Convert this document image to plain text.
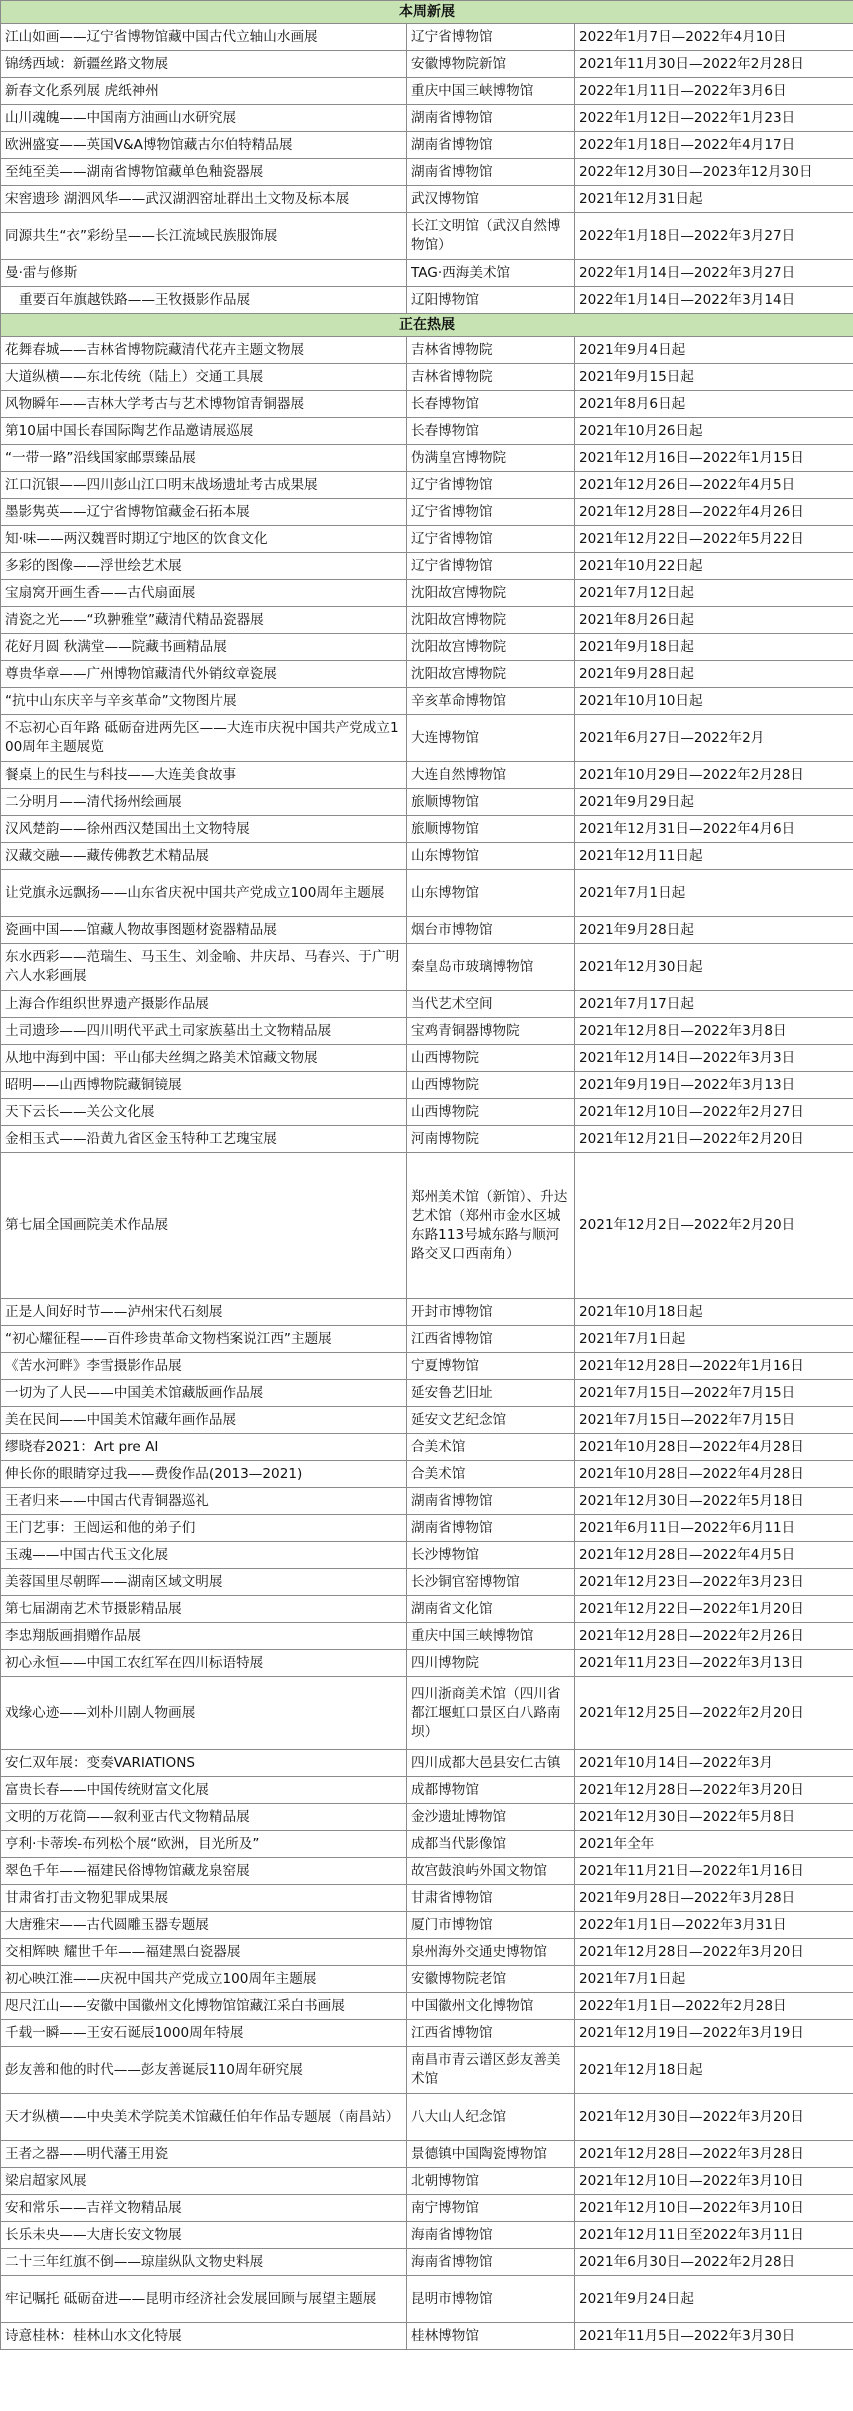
本周新展		
江山如画——辽宁省博物馆藏中国古代立轴山水画展	辽宁省博物馆	2022年1月7日—2022年4月10日
锦绣西域：新疆丝路文物展	安徽博物院新馆	2021年11月30日—2022年2月28日
新春文化系列展 虎纸神州	重庆中国三峡博物馆	2022年1月11日—2022年3月6日
山川魂魄——中国南方油画山水研究展	湖南省博物馆	2022年1月12日—2022年1月23日
欧洲盛宴——英国V&A博物馆藏古尔伯特精品展	湖南省博物馆	2022年1月18日—2022年4月17日
至纯至美——湖南省博物馆藏单色釉瓷器展	湖南省博物馆	2022年12月30日—2023年12月30日
宋窖遗珍 湖泗风华——武汉湖泗窑址群出土文物及标本展	武汉博物馆	2021年12月31日起
同源共生“衣”彩纷呈——长江流域民族服饰展	长江文明馆（武汉自然博物馆）	2022年1月18日—2022年3月27日
曼·雷与修斯	TAG·西海美术馆	2022年1月14日—2022年3月27日
重要百年旗越铁路——王牧摄影作品展	辽阳博物馆	2022年1月14日—2022年3月14日
正在热展		
花舞春城——吉林省博物院藏清代花卉主题文物展	吉林省博物院	2021年9月4日起
大道纵横——东北传统（陆上）交通工具展	吉林省博物院	2021年9月15日起
风物瞬年——吉林大学考古与艺术博物馆青铜器展	长春博物馆	2021年8月6日起
第10届中国长春国际陶艺作品邀请展巡展	长春博物馆	2021年10月26日起
“一带一路”沿线国家邮票臻品展	伪满皇宫博物院	2021年12月16日—2022年1月15日
江口沉银——四川彭山江口明末战场遗址考古成果展	辽宁省博物馆	2021年12月26日—2022年4月5日
墨影隽英——辽宁省博物馆藏金石拓本展	辽宁省博物馆	2021年12月28日—2022年4月26日
知·味——两汉魏晋时期辽宁地区的饮食文化	辽宁省博物馆	2021年12月22日—2022年5月22日
多彩的图像——浮世绘艺术展	辽宁省博物馆	2021年10月22日起
宝扇窝开画生香——古代扇面展	沈阳故宫博物院	2021年7月12日起
清瓷之光——“玖翀雅堂”藏清代精品瓷器展	沈阳故宫博物院	2021年8月26日起
花好月圆 秋满堂——院藏书画精品展	沈阳故宫博物院	2021年9月18日起
尊贵华章——广州博物馆藏清代外销纹章瓷展	沈阳故宫博物院	2021年9月28日起
“抗中山东庆辛与辛亥革命”文物图片展	辛亥革命博物馆	2021年10月10日起
不忘初心百年路 砥砺奋进两先区——大连市庆祝中国共产党成立100周年主题展览	大连博物馆	2021年6月27日—2022年2月
餐桌上的民生与科技——大连美食故事	大连自然博物馆	2021年10月29日—2022年2月28日
二分明月——清代扬州绘画展	旅顺博物馆	2021年9月29日起
汉风楚韵——徐州西汉楚国出土文物特展	旅顺博物馆	2021年12月31日—2022年4月6日
汉藏交融——藏传佛教艺术精品展	山东博物馆	2021年12月11日起
让党旗永远飘扬——山东省庆祝中国共产党成立100周年主题展	山东博物馆	2021年7月1日起
瓷画中国——馆藏人物故事图题材瓷器精品展	烟台市博物馆	2021年9月28日起
东水西彩——范瑞生、马玉生、刘金喻、井庆昂、马春兴、于广明六人水彩画展	秦皇岛市玻璃博物馆	2021年12月30日起
上海合作组织世界遗产摄影作品展	当代艺术空间	2021年7月17日起
土司遗珍——四川明代平武土司家族墓出土文物精品展	宝鸡青铜器博物院	2021年12月8日—2022年3月8日
从地中海到中国：平山郁夫丝绸之路美术馆藏文物展	山西博物院	2021年12月14日—2022年3月3日
昭明——山西博物院藏铜镜展	山西博物院	2021年9月19日—2022年3月13日
天下云长——关公文化展	山西博物院	2021年12月10日—2022年2月27日
金相玉式——沿黄九省区金玉特种工艺瑰宝展	河南博物院	2021年12月21日—2022年2月20日
第七届全国画院美术作品展	郑州美术馆（新馆）、升达艺术馆（郑州市金水区城东路113号城东路与顺河路交叉口西南角）	2021年12月2日—2022年2月20日
正是人间好时节——泸州宋代石刻展	开封市博物馆	2021年10月18日起
“初心耀征程——百件珍贵革命文物档案说江西”主题展	江西省博物馆	2021年7月1日起
《苦水河畔》李雪摄影作品展	宁夏博物馆	2021年12月28日—2022年1月16日
一切为了人民——中国美术馆藏版画作品展	延安鲁艺旧址	2021年7月15日—2022年7月15日
美在民间——中国美术馆藏年画作品展	延安文艺纪念馆	2021年7月15日—2022年7月15日
缪晓春2021：Art pre AI	合美术馆	2021年10月28日—2022年4月28日
伸长你的眼睛穿过我——费俊作品(2013—2021)	合美术馆	2021年10月28日—2022年4月28日
王者归来——中国古代青铜器巡礼	湖南省博物馆	2021年12月30日—2022年5月18日
王门艺事：王闿运和他的弟子们	湖南省博物馆	2021年6月11日—2022年6月11日
玉魂——中国古代玉文化展	长沙博物馆	2021年12月28日—2022年4月5日
美蓉国里尽朝晖——湖南区域文明展	长沙铜官窑博物馆	2021年12月23日—2022年3月23日
第七届湖南艺术节摄影精品展	湖南省文化馆	2021年12月22日—2022年1月20日
李忠翔版画捐赠作品展	重庆中国三峡博物馆	2021年12月28日—2022年2月26日
初心永恒——中国工农红军在四川标语特展	四川博物院	2021年11月23日—2022年3月13日
戏缘心迹——刘朴川剧人物画展	四川浙商美术馆（四川省都江堰虹口景区白八路南坝）	2021年12月25日—2022年2月20日
安仁双年展：变奏VARIATIONS	四川成都大邑县安仁古镇	2021年10月14日—2022年3月
富贵长春——中国传统财富文化展	成都博物馆	2021年12月28日—2022年3月20日
文明的万花筒——叙利亚古代文物精品展	金沙遗址博物馆	2021年12月30日—2022年5月8日
亨利·卡蒂埃-布列松个展“欧洲，目光所及”	成都当代影像馆	2021年全年
翠色千年——福建民俗博物馆藏龙泉窑展	故宫鼓浪屿外国文物馆	2021年11月21日—2022年1月16日
甘肃省打击文物犯罪成果展	甘肃省博物馆	2021年9月28日—2022年3月28日
大唐雅宋——古代圆雕玉器专题展	厦门市博物馆	2022年1月1日—2022年3月31日
交相辉映 耀世千年——福建黑白瓷器展	泉州海外交通史博物馆	2021年12月28日—2022年3月20日
初心映江淮——庆祝中国共产党成立100周年主题展	安徽博物院老馆	2021年7月1日起
咫尺江山——安徽中国徽州文化博物馆馆藏江采白书画展	中国徽州文化博物馆	2022年1月1日—2022年2月28日
千载一瞬——王安石诞辰1000周年特展	江西省博物馆	2021年12月19日—2022年3月19日
彭友善和他的时代——彭友善诞辰110周年研究展	南昌市青云谱区彭友善美术馆	2021年12月18日起
天才纵横——中央美术学院美术馆藏任伯年作品专题展（南昌站）	八大山人纪念馆	2021年12月30日—2022年3月20日
王者之器——明代藩王用瓷	景德镇中国陶瓷博物馆	2021年12月28日—2022年3月28日
梁启超家风展	北朝博物馆	2021年12月10日—2022年3月10日
安和常乐——吉祥文物精品展	南宁博物馆	2021年12月10日—2022年3月10日
长乐未央——大唐长安文物展	海南省博物馆	2021年12月11日至2022年3月11日
二十三年红旗不倒——琼崖纵队文物史料展	海南省博物馆	2021年6月30日—2022年2月28日
牢记嘱托 砥砺奋进——昆明市经济社会发展回顾与展望主题展	昆明市博物馆	2021年9月24日起
诗意桂林：桂林山水文化特展	桂林博物馆	2021年11月5日—2022年3月30日
